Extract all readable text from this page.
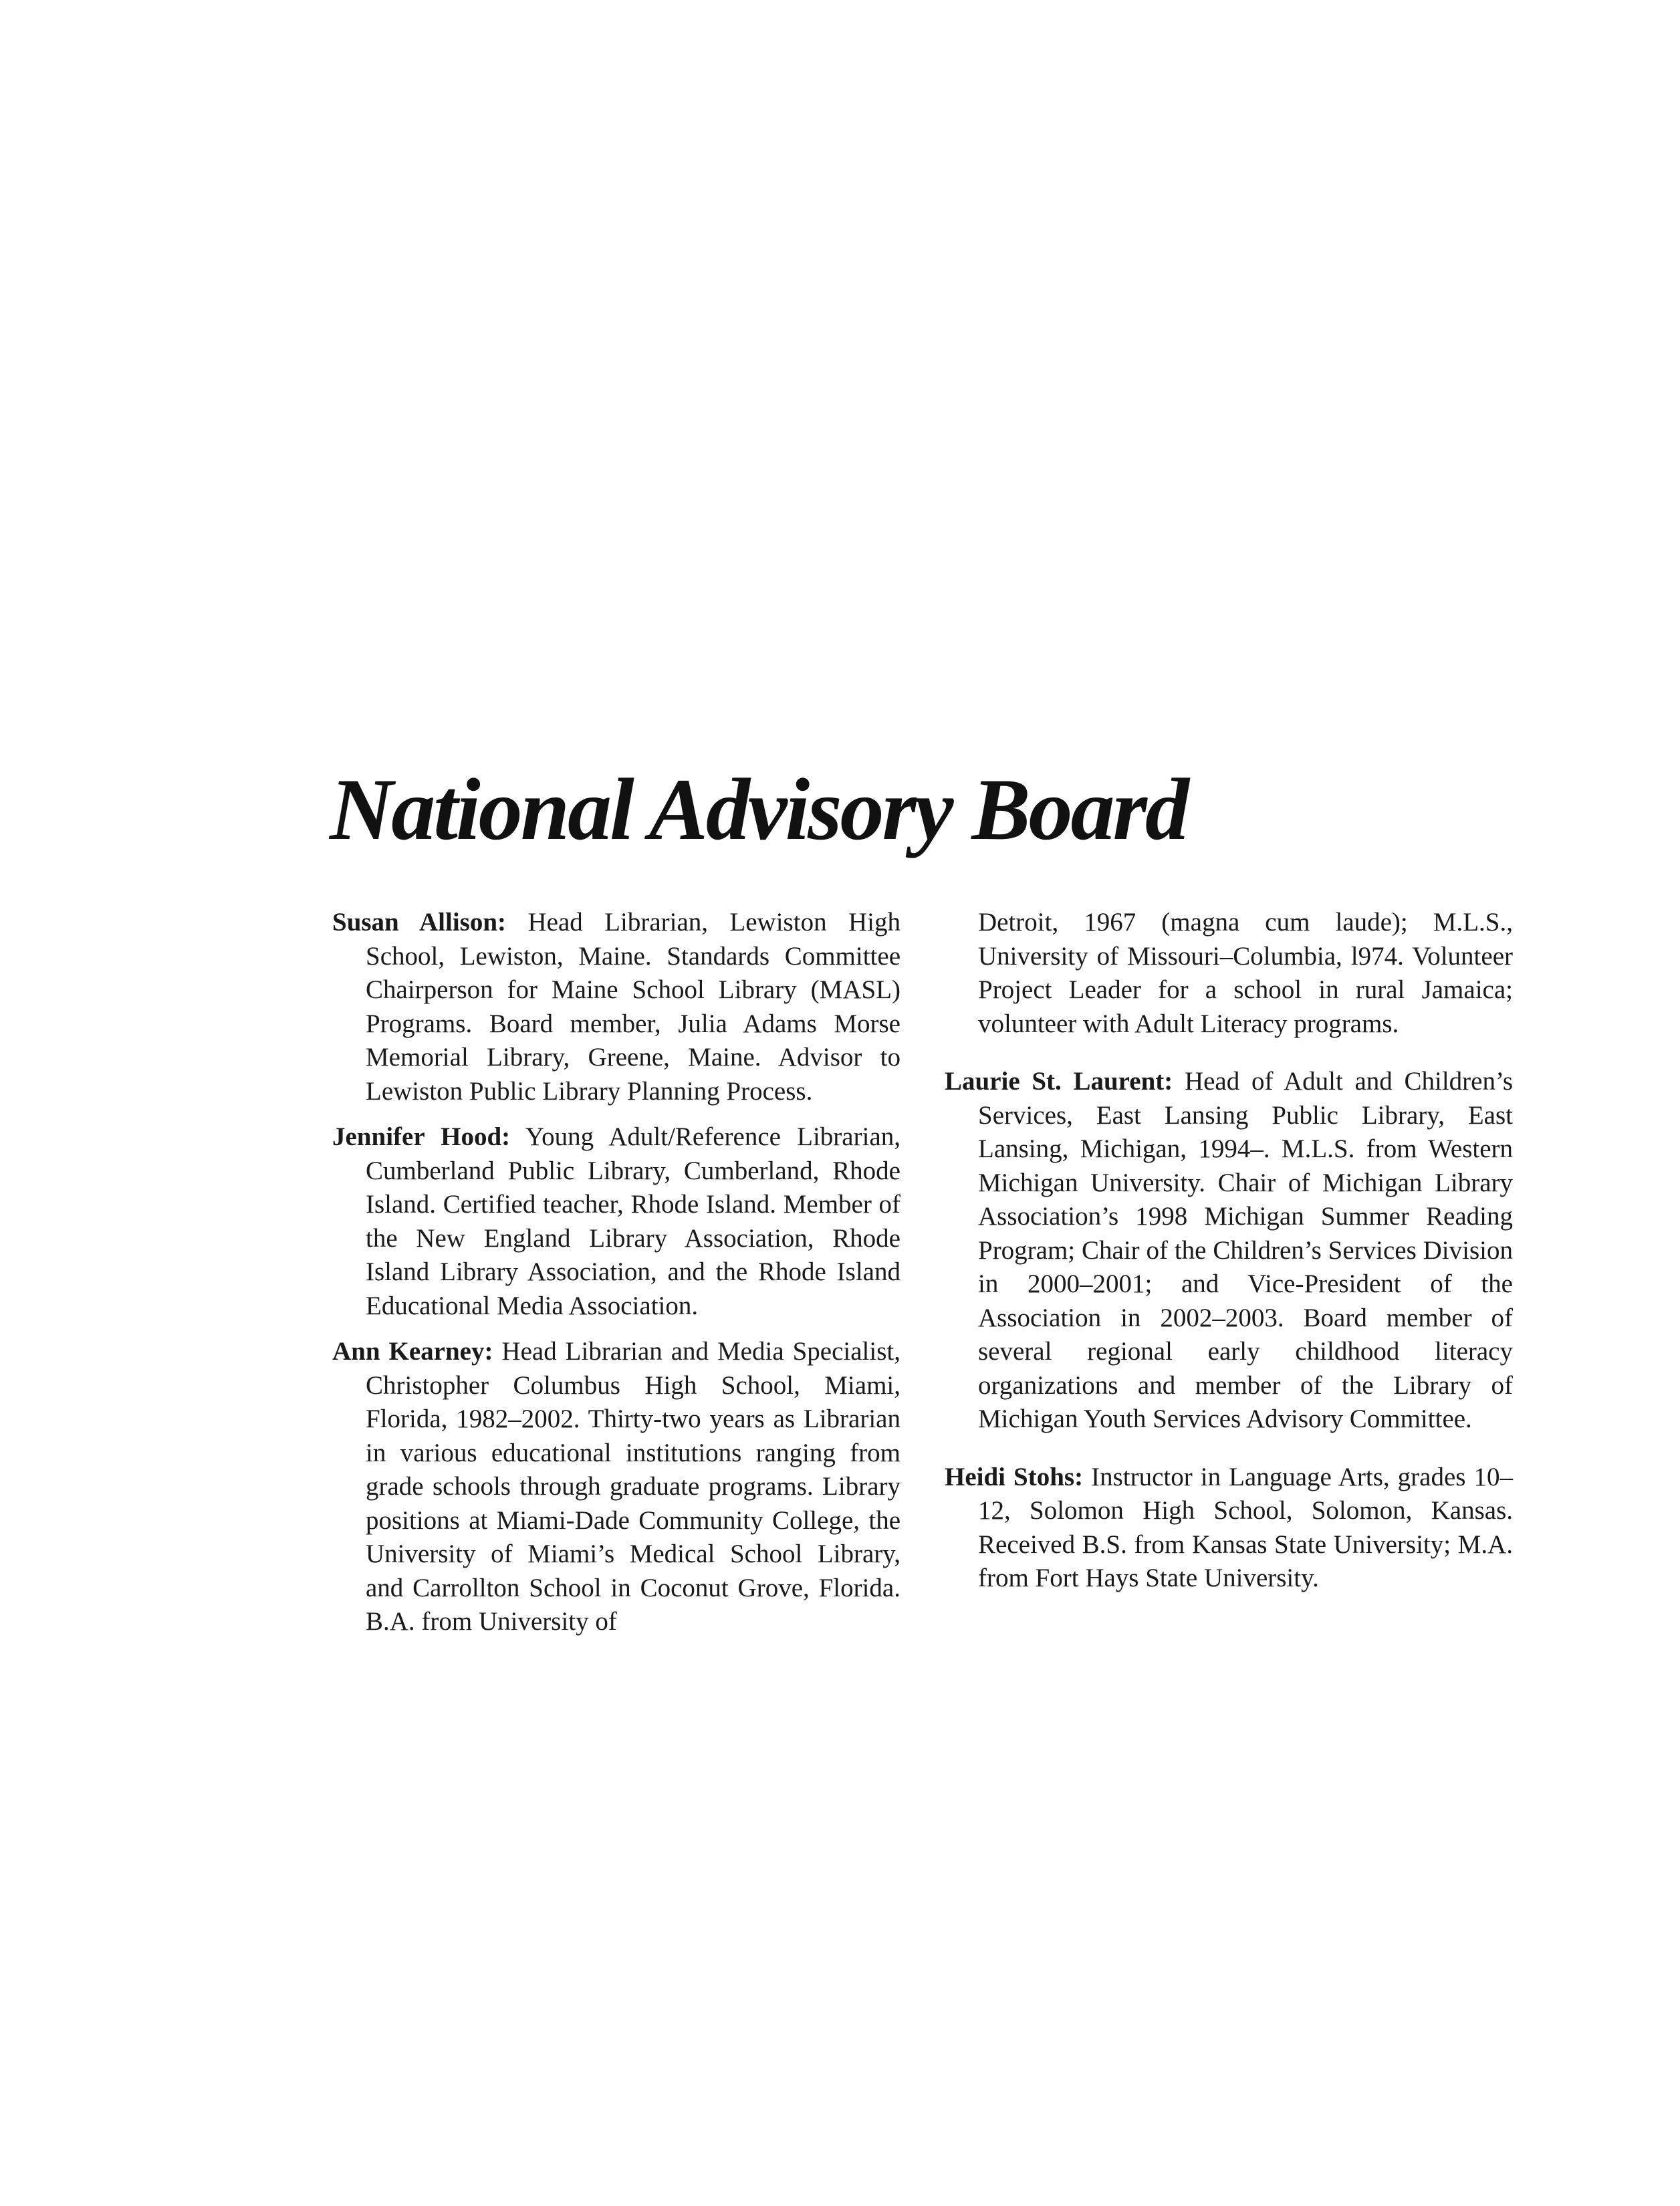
National Advisory Board

Susan Allison: Head Librarian, Lewiston High School, Lewiston, Maine. Standards Committee Chairperson for Maine School Library (MASL) Programs. Board member, Julia Adams Morse Memorial Library, Greene, Maine. Advisor to Lewiston Public Library Planning Process.

Jennifer Hood: Young Adult/Reference Librarian, Cumberland Public Library, Cumberland, Rhode Island. Certified teacher, Rhode Island. Member of the New England Library Association, Rhode Island Library Association, and the Rhode Island Educational Media Association.

Ann Kearney: Head Librarian and Media Specialist, Christopher Columbus High School, Miami, Florida, 1982–2002. Thirty-two years as Librarian in various educational institutions ranging from grade schools through graduate programs. Library positions at Miami-Dade Community College, the University of Miami’s Medical School Library, and Carrollton School in Coconut Grove, Florida. B.A. from University of

Detroit, 1967 (magna cum laude); M.L.S., University of Missouri–Columbia, l974. Volunteer Project Leader for a school in rural Jamaica; volunteer with Adult Literacy programs.

Laurie St. Laurent: Head of Adult and Children’s Services, East Lansing Public Library, East Lansing, Michigan, 1994–. M.L.S. from Western Michigan University. Chair of Michigan Library Association’s 1998 Michigan Summer Reading Program; Chair of the Children’s Services Division in 2000–2001; and Vice-President of the Association in 2002–2003. Board member of several regional early childhood literacy organizations and member of the Library of Michigan Youth Services Advisory Committee.

Heidi Stohs: Instructor in Language Arts, grades 10–12, Solomon High School, Solomon, Kansas. Received B.S. from Kansas State University; M.A. from Fort Hays State University.
